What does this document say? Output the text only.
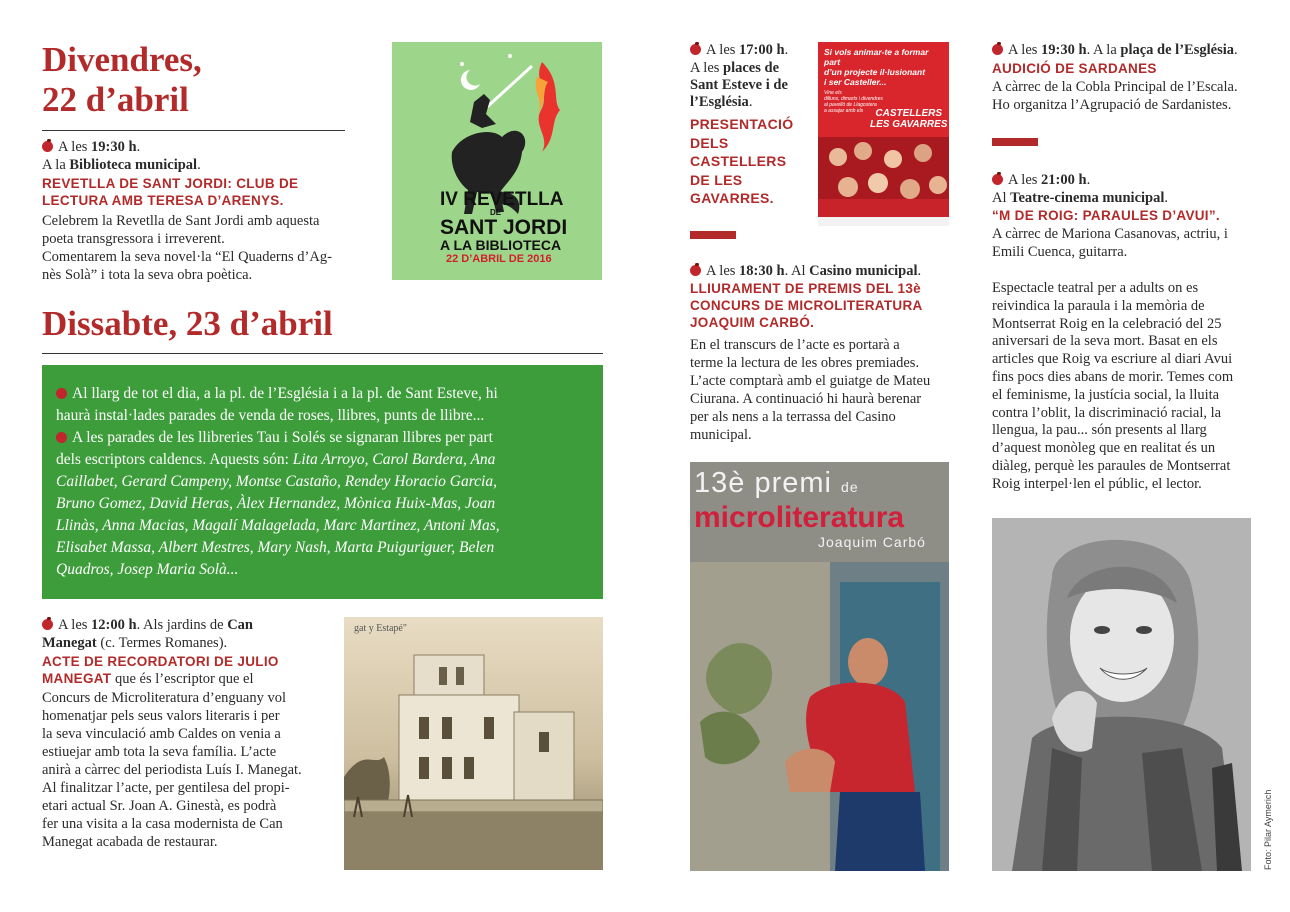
Divendres,
22 d’abril
A les 19:30 h.
A la Biblioteca municipal.
REVETLLA DE SANT JORDI: CLUB DE
LECTURA AMB TERESA D’ARENYS.
Celebrem la Revetlla de Sant Jordi amb aquesta
poeta transgressora i irreverent.
Comentarem la seva novel·la “El Quaderns d’Ag-
nès Solà” i tota la seva obra poètica.
IV REVETLLA
DE
SANT JORDI
A LA BIBLIOTECA
22 D’ABRIL DE 2016
Dissabte, 23 d’abril
Al llarg de tot el dia, a la pl. de l’Església i a la pl. de Sant Esteve, hi
haurà instal·lades parades de venda de roses, llibres, punts de llibre...
A les parades de les llibreries Tau i Solés se signaran llibres per part
dels escriptors caldencs. Aquests són: Lita Arroyo, Carol Bardera, Ana
Caillabet, Gerard Campeny, Montse Castaño, Rendey Horacio Garcia,
Bruno Gomez, David Heras, Àlex Hernandez, Mònica Huix-Mas, Joan
Llinàs, Anna Macias, Magalí Malagelada, Marc Martinez, Antoni Mas,
Elisabet Massa, Albert Mestres, Mary Nash, Marta Puiguriguer, Belen
Quadros, Josep Maria Solà...
A les 12:00 h. Als jardins de Can
Manegat (c. Termes Romanes).
ACTE DE RECORDATORI DE JULIO
MANEGAT que és l’escriptor que el
Concurs de Microliteratura d’enguany vol
homenatjar pels seus valors literaris i per
la seva vinculació amb Caldes on venia a
estiuejar amb tota la seva família. L’acte
anirà a càrrec del periodista Luís I. Manegat.
Al finalitzar l’acte, per gentilesa del propi-
etari actual Sr. Joan A. Ginestà, es podrà
fer una visita a la casa modernista de Can
Manegat acabada de restaurar.
gat y Estapé"
A les 17:00 h.
A les places de
Sant Esteve i de
l’Església.
PRESENTACIÓ
DELS
CASTELLERS
DE LES
GAVARRES.
Si vols animar-te a formar part
d’un projecte il·lusionant
i ser Casteller...
Vine els
dilluns, dimarts i divendres
al pavelló de Llagostera
a assajar amb els	CASTELLERS
LES GAVARRES
A les 18:30 h. Al Casino municipal.
LLIURAMENT DE PREMIS DEL 13è
CONCURS DE MICROLITERATURA
JOAQUIM CARBÓ.
En el transcurs de l’acte es portarà a
terme la lectura de les obres premiades.
L’acte comptarà amb el guiatge de Mateu
Ciurana. A continuació hi haurà berenar
per als nens a la terrassa del Casino
municipal.
13è premi de
microliteratura
Joaquim Carbó
A les 19:30 h. A la plaça de l’Església.
AUDICIÓ DE SARDANES
A càrrec de la Cobla Principal de l’Escala.
Ho organitza l’Agrupació de Sardanistes.
A les 21:00 h.
Al Teatre-cinema municipal.
“M DE ROIG: PARAULES D’AVUI”.
A càrrec de Mariona Casanovas, actriu, i
Emili Cuenca, guitarra.
Espectacle teatral per a adults on es
reivindica la paraula i la memòria de
Montserrat Roig en la celebració del 25
aniversari de la seva mort. Basat en els
articles que Roig va escriure al diari Avui
fins pocs dies abans de morir. Temes com
el feminisme, la justícia social, la lluita
contra l’oblit, la discriminació racial, la
llengua, la pau... són presents al llarg
d’aquest monòleg que en realitat és un
diàleg, perquè les paraules de Montserrat
Roig interpel·len el públic, el lector.
Foto: Pilar Aymerich
